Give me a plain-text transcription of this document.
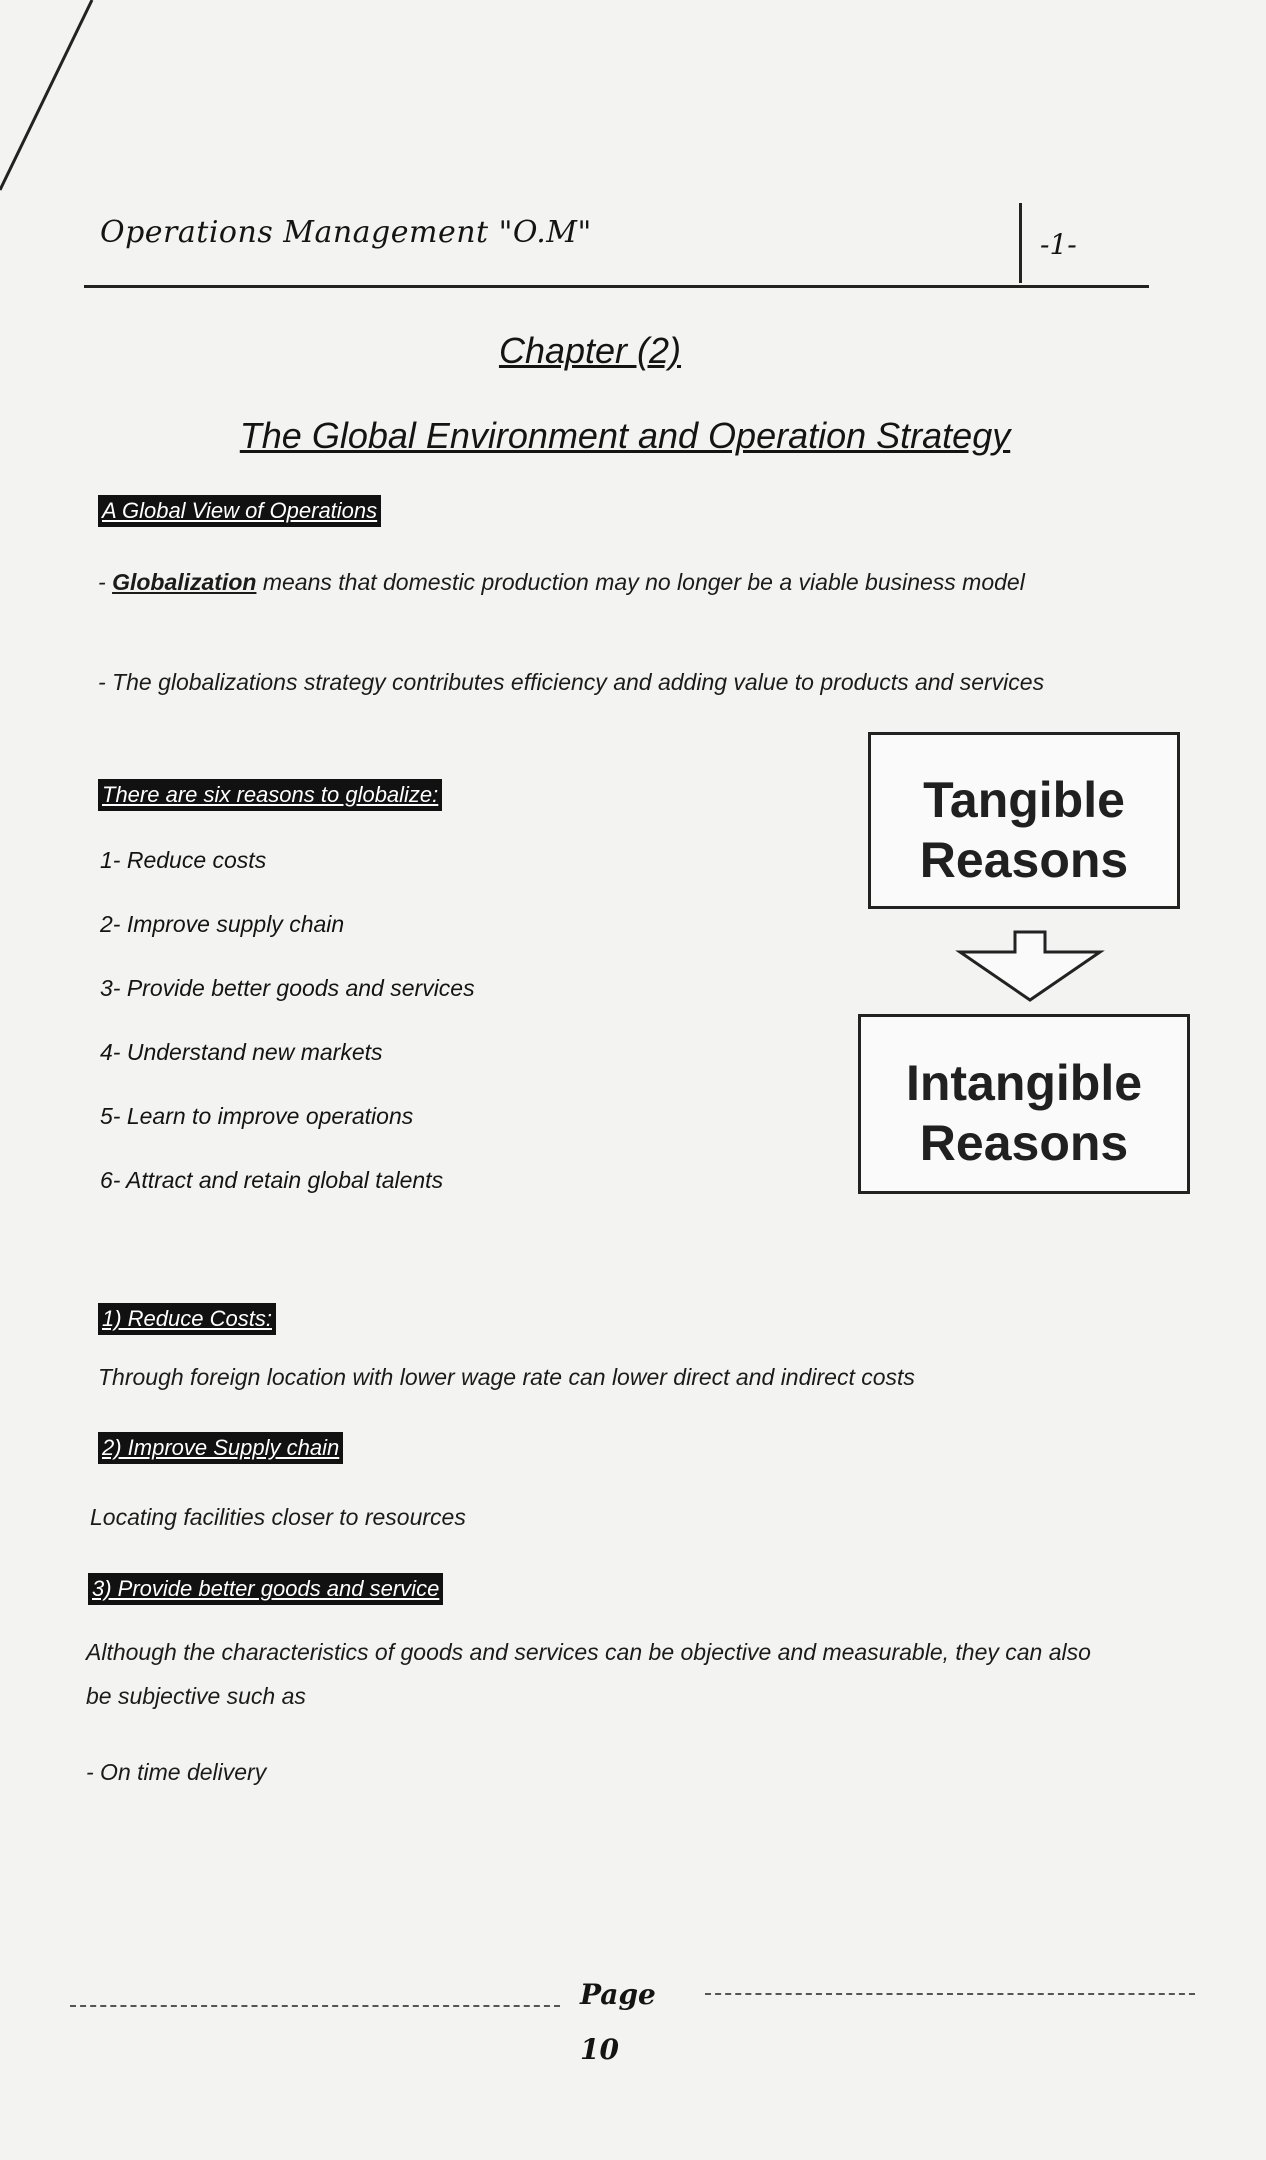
Operations Management "O.M"	-1-
Chapter (2)
The Global Environment and Operation Strategy
A Global View of Operations
- Globalization means that domestic production may no longer be a viable business model
- The globalizations strategy contributes efficiency and adding value to products and services
There are six reasons to globalize:
1- Reduce costs
2- Improve supply chain
3- Provide better goods and services
4- Understand new markets
5- Learn to improve operations
6- Attract and retain global talents
Tangible Reasons
Intangible Reasons
1) Reduce Costs:
Through foreign location with lower wage rate can lower direct and indirect costs
2) Improve Supply chain
Locating facilities closer to resources
3) Provide better goods and service
Although the characteristics of goods and services can be objective and measurable, they can also be subjective such as
- On time delivery
Page
10
